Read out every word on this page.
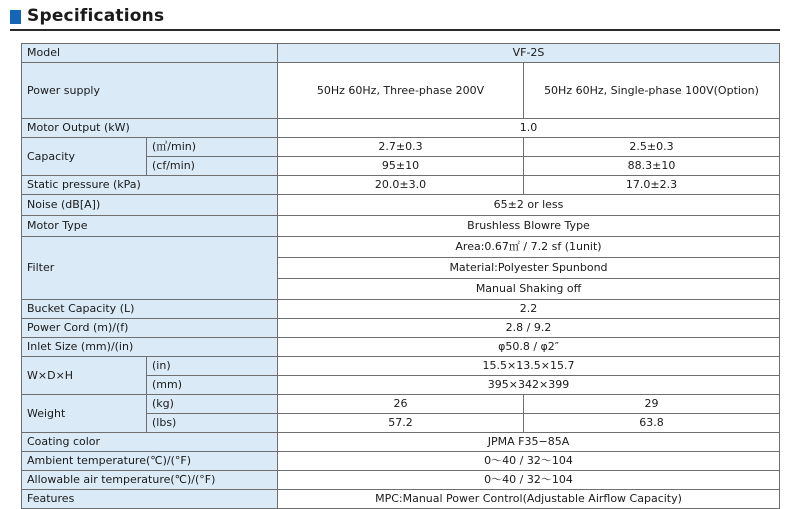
Specifications
Model		VF-2S	
Power supply		50Hz 60Hz, Three-phase 200V	50Hz 60Hz, Single-phase 100V(Option)
Motor Output (kW)		1.0	
Capacity	(㎥/min)	2.7±0.3	2.5±0.3
	(cf/min)	95±10	88.3±10
Static pressure (kPa)		20.0±3.0	17.0±2.3
Noise (dB[A])		65±2 or less	
Motor Type		Brushless Blowre Type	
Filter		Area:0.67㎡ / 7.2 sf (1unit)	
		Material:Polyester Spunbond	
		Manual Shaking off	
Bucket Capacity (L)		2.2	
Power Cord (m)/(f)		2.8 / 9.2	
Inlet Size (mm)/(in)		φ50.8 / φ2″	
W×D×H	(in)	15.5×13.5×15.7	
	(mm)	395×342×399	
Weight	(kg)	26	29
	(lbs)	57.2	63.8
Coating color		JPMA F35−85A	
Ambient temperature(℃)/(°F)		0〜40 / 32〜104	
Allowable air temperature(℃)/(°F)		0〜40 / 32〜104	
Features		MPC:Manual Power Control(Adjustable Airflow Capacity)	
